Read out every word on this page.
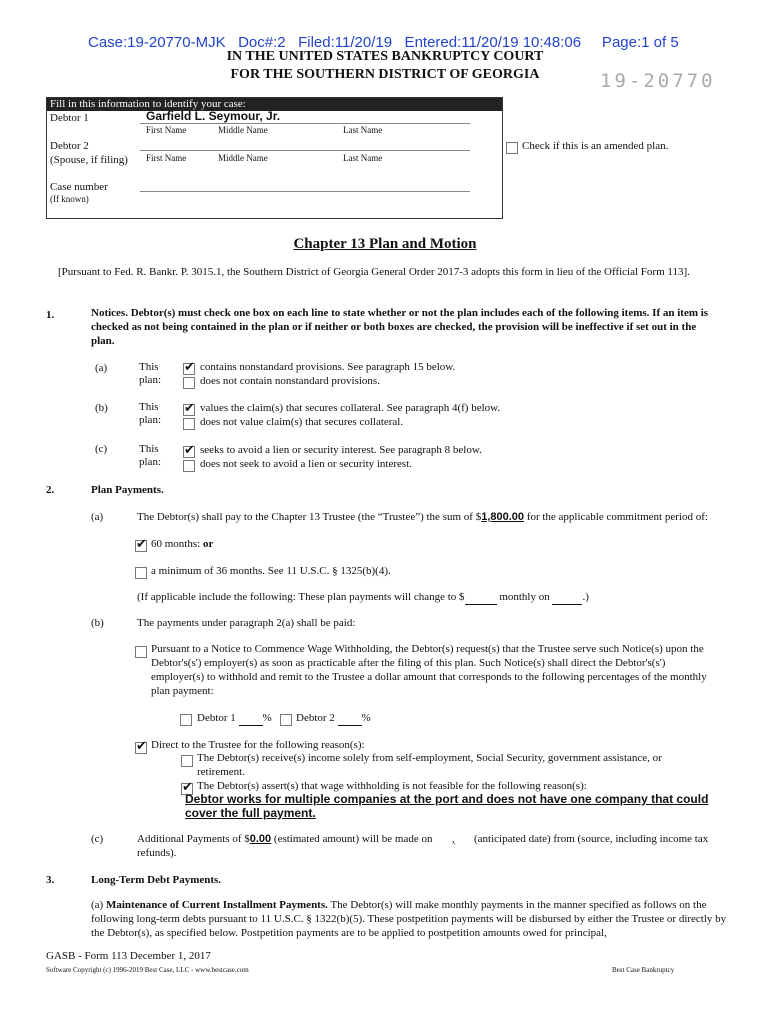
Case:19-20770-MJK   Doc#:2   Filed:11/20/19   Entered:11/20/19 10:48:06     Page:1 of 5
19-20770
IN THE UNITED STATES BANKRUPTCY COURT
FOR THE SOUTHERN DISTRICT OF GEORGIA
Fill in this information to identify your case:
Debtor 1	Garfield L. Seymour, Jr.
First Name	Middle Name	Last Name
Debtor 2
(Spouse, if filing) First Name	Middle Name	Last Name
Case number
(If known)
Check if this is an amended plan.
Chapter 13 Plan and Motion
[Pursuant to Fed. R. Bankr. P. 3015.1, the Southern District of Georgia General Order 2017-3 adopts this form in lieu of the Official Form 113].
1.	Notices. Debtor(s) must check one box on each line to state whether or not the plan includes each of the following items. If an item is checked as not being contained in the plan or if neither or both boxes are checked, the provision will be ineffective if set out in the plan.
(a)	This
plan:
✔
contains nonstandard provisions. See paragraph 15 below.
does not contain nonstandard provisions.
(b)	This
plan:
✔
values the claim(s) that secures collateral. See paragraph 4(f) below.
does not value claim(s) that secures collateral.
(c)	This
plan:
✔
seeks to avoid a lien or security interest. See paragraph 8 below.
does not seek to avoid a lien or security interest.
2.	Plan Payments.
(a)	The Debtor(s) shall pay to the Chapter 13 Trustee (the “Trustee”) the sum of $1,800.00 for the applicable commitment period of:
✔
60 months: or
a minimum of 36 months. See 11 U.S.C. § 1325(b)(4).
(If applicable include the following: These plan payments will change to $	monthly on	.)
(b)	The payments under paragraph 2(a) shall be paid:
Pursuant to a Notice to Commence Wage Withholding, the Debtor(s) request(s) that the Trustee serve such Notice(s) upon the Debtor's(s') employer(s) as soon as practicable after the filing of this plan. Such Notice(s) shall direct the Debtor's(s') employer(s) to withhold and remit to the Trustee a dollar amount that corresponds to the following percentages of the monthly plan payment:
Debtor 1 % Debtor 2 %
✔
Direct to the Trustee for the following reason(s):
The Debtor(s) receive(s) income solely from self-employment, Social Security, government assistance, or retirement.
✔
The Debtor(s) assert(s) that wage withholding is not feasible for the following reason(s):
Debtor works for multiple companies at the port and does not have one company that could cover the full payment.
(c)	Additional Payments of $0.00 (estimated amount) will be made on , (anticipated date) from (source, including income tax refunds).
3.	Long-Term Debt Payments.
(a) Maintenance of Current Installment Payments. The Debtor(s) will make monthly payments in the manner specified as follows on the following long-term debts pursuant to 11 U.S.C. § 1322(b)(5). These postpetition payments will be disbursed by either the Trustee or directly by the Debtor(s), as specified below. Postpetition payments are to be applied to postpetition amounts owed for principal,
GASB - Form 113 December 1, 2017
Software Copyright (c) 1996-2019 Best Case, LLC - www.bestcase.com	Best Case Bankruptcy
